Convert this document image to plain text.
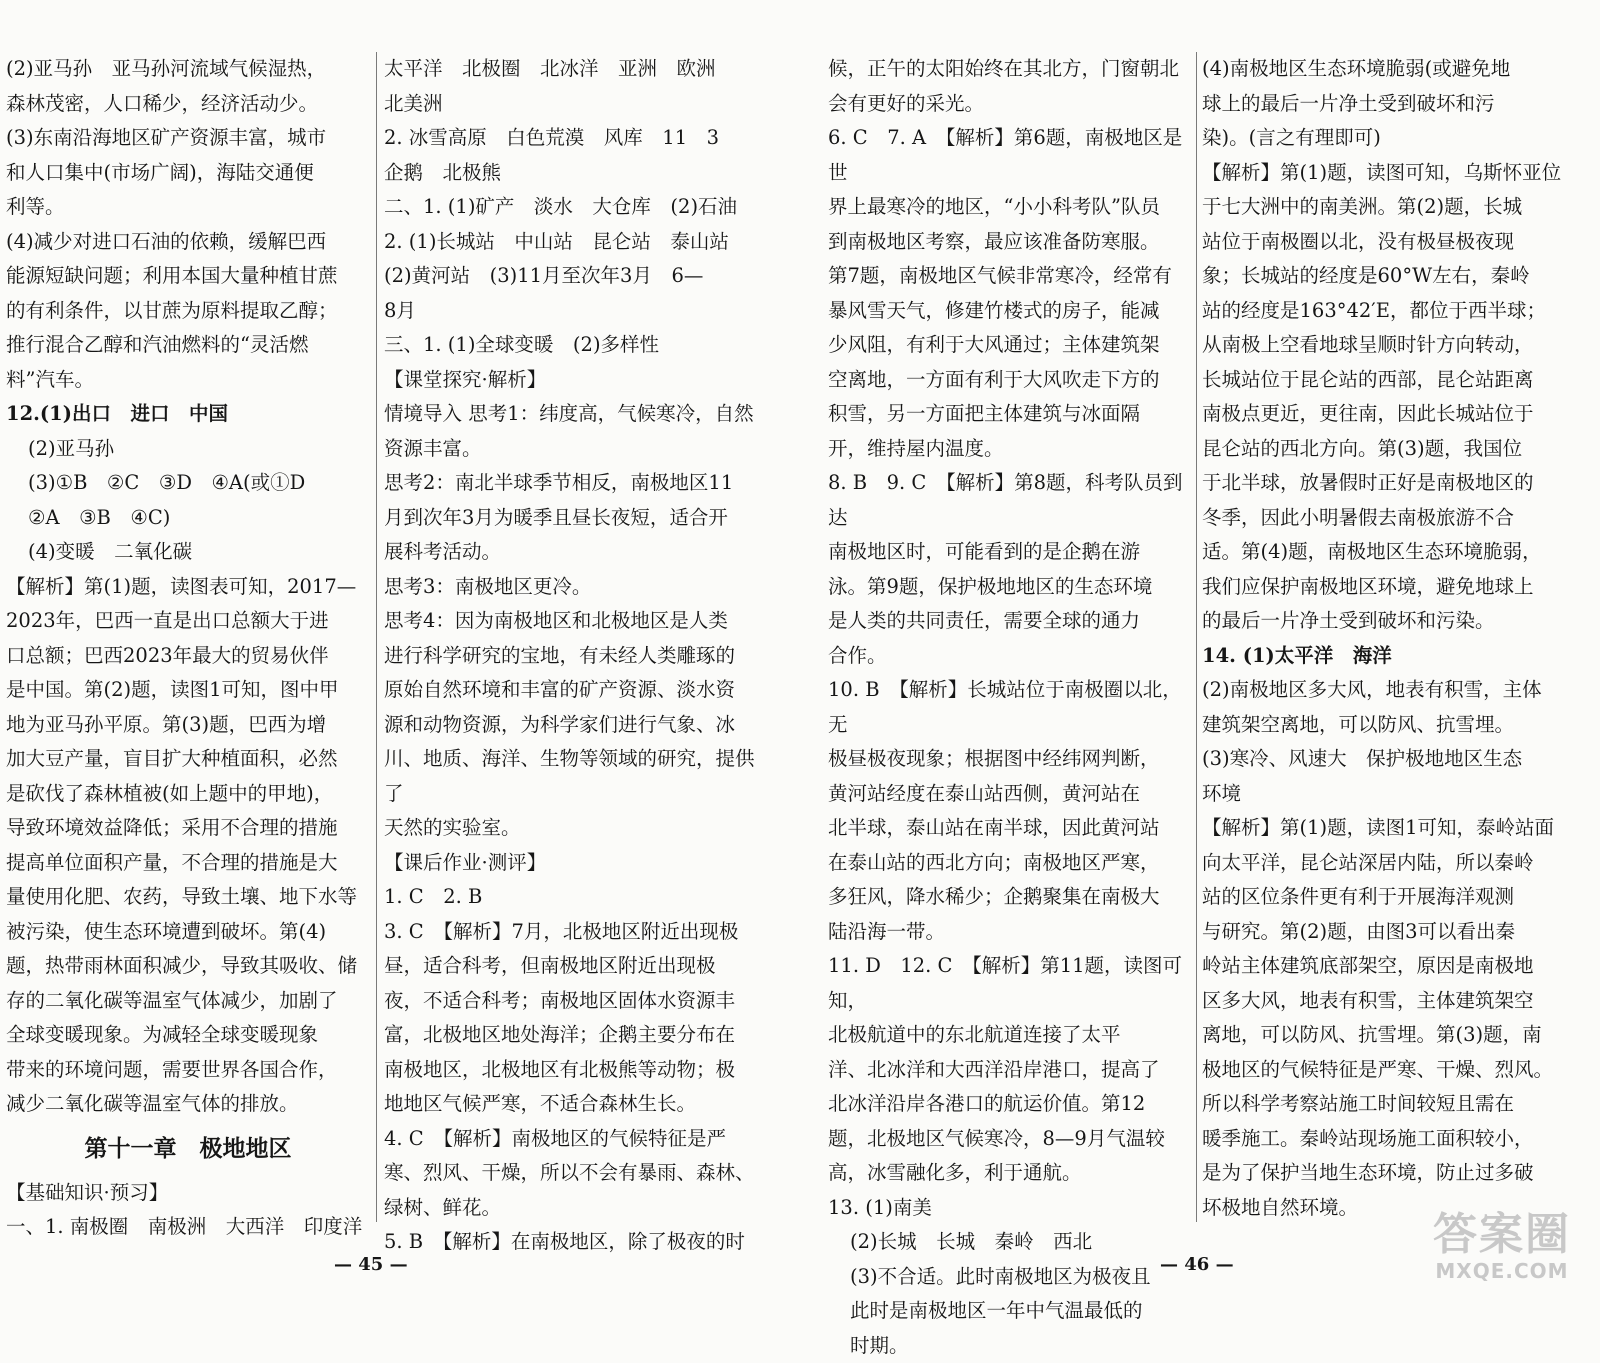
(2)亚马孙　亚马孙河流域气候湿热，

森林茂密，人口稀少，经济活动少。

(3)东南沿海地区矿产资源丰富，城市

和人口集中(市场广阔)，海陆交通便

利等。

(4)减少对进口石油的依赖，缓解巴西

能源短缺问题；利用本国大量种植甘蔗

的有利条件，以甘蔗为原料提取乙醇；

推行混合乙醇和汽油燃料的“灵活燃

料”汽车。

12.(1)出口　进口　中国

(2)亚马孙

(3)①B　②C　③D　④A(或①D

②A　③B　④C)

(4)变暖　二氧化碳

【解析】第(1)题，读图表可知，2017—

2023年，巴西一直是出口总额大于进

口总额；巴西2023年最大的贸易伙伴

是中国。第(2)题，读图1可知，图中甲

地为亚马孙平原。第(3)题，巴西为增

加大豆产量，盲目扩大种植面积，必然

是砍伐了森林植被(如上题中的甲地)，

导致环境效益降低；采用不合理的措施

提高单位面积产量，不合理的措施是大

量使用化肥、农药，导致土壤、地下水等

被污染，使生态环境遭到破坏。第(4)

题，热带雨林面积减少，导致其吸收、储

存的二氧化碳等温室气体减少，加剧了

全球变暖现象。为减轻全球变暖现象

带来的环境问题，需要世界各国合作，

减少二氧化碳等温室气体的排放。

第十一章　极地地区

【基础知识·预习】

一、1. 南极圈　南极洲　大西洋　印度洋

太平洋　北极圈　北冰洋　亚洲　欧洲

北美洲

2. 冰雪高原　白色荒漠　风库　11　3

企鹅　北极熊

二、1. (1)矿产　淡水　大仓库　(2)石油

2. (1)长城站　中山站　昆仑站　泰山站

(2)黄河站　(3)11月至次年3月　6—

8月

三、1. (1)全球变暖　(2)多样性

【课堂探究·解析】

情境导入 思考1：纬度高，气候寒冷，自然

资源丰富。

思考2：南北半球季节相反，南极地区11

月到次年3月为暖季且昼长夜短，适合开

展科考活动。

思考3：南极地区更冷。

思考4：因为南极地区和北极地区是人类

进行科学研究的宝地，有未经人类雕琢的

原始自然环境和丰富的矿产资源、淡水资

源和动物资源，为科学家们进行气象、冰

川、地质、海洋、生物等领域的研究，提供了

天然的实验室。

【课后作业·测评】

1. C　2. B

3. C　【解析】7月，北极地区附近出现极

昼，适合科考，但南极地区附近出现极

夜，不适合科考；南极地区固体水资源丰

富，北极地区地处海洋；企鹅主要分布在

南极地区，北极地区有北极熊等动物；极

地地区气候严寒，不适合森林生长。

4. C　【解析】南极地区的气候特征是严

寒、烈风、干燥，所以不会有暴雨、森林、

绿树、鲜花。

5. B　【解析】在南极地区，除了极夜的时

— 45 —

候，正午的太阳始终在其北方，门窗朝北

会有更好的采光。

6. C　7. A　【解析】第6题，南极地区是世

界上最寒冷的地区，“小小科考队”队员

到南极地区考察，最应该准备防寒服。

第7题，南极地区气候非常寒冷，经常有

暴风雪天气，修建竹楼式的房子，能减

少风阻，有利于大风通过；主体建筑架

空离地，一方面有利于大风吹走下方的

积雪，另一方面把主体建筑与冰面隔

开，维持屋内温度。

8. B　9. C　【解析】第8题，科考队员到达

南极地区时，可能看到的是企鹅在游

泳。第9题，保护极地地区的生态环境

是人类的共同责任，需要全球的通力

合作。

10. B　【解析】长城站位于南极圈以北，无

极昼极夜现象；根据图中经纬网判断，

黄河站经度在泰山站西侧，黄河站在

北半球，泰山站在南半球，因此黄河站

在泰山站的西北方向；南极地区严寒，

多狂风，降水稀少；企鹅聚集在南极大

陆沿海一带。

11. D　12. C　【解析】第11题，读图可知，

北极航道中的东北航道连接了太平

洋、北冰洋和大西洋沿岸港口，提高了

北冰洋沿岸各港口的航运价值。第12

题，北极地区气候寒冷，8—9月气温较

高，冰雪融化多，利于通航。

13. (1)南美

(2)长城　长城　秦岭　西北

(3)不合适。此时南极地区为极夜且

此时是南极地区一年中气温最低的

时期。

(4)南极地区生态环境脆弱(或避免地

球上的最后一片净土受到破坏和污

染)。(言之有理即可)

【解析】第(1)题，读图可知，乌斯怀亚位

于七大洲中的南美洲。第(2)题，长城

站位于南极圈以北，没有极昼极夜现

象；长城站的经度是60°W左右，秦岭

站的经度是163°42′E，都位于西半球；

从南极上空看地球呈顺时针方向转动，

长城站位于昆仑站的西部，昆仑站距离

南极点更近，更往南，因此长城站位于

昆仑站的西北方向。第(3)题，我国位

于北半球，放暑假时正好是南极地区的

冬季，因此小明暑假去南极旅游不合

适。第(4)题，南极地区生态环境脆弱，

我们应保护南极地区环境，避免地球上

的最后一片净土受到破坏和污染。

14. (1)太平洋　海洋

(2)南极地区多大风，地表有积雪，主体

建筑架空离地，可以防风、抗雪埋。

(3)寒冷、风速大　保护极地地区生态

环境

【解析】第(1)题，读图1可知，泰岭站面

向太平洋，昆仑站深居内陆，所以秦岭

站的区位条件更有利于开展海洋观测

与研究。第(2)题，由图3可以看出秦

岭站主体建筑底部架空，原因是南极地

区多大风，地表有积雪，主体建筑架空

离地，可以防风、抗雪埋。第(3)题，南

极地区的气候特征是严寒、干燥、烈风。

所以科学考察站施工时间较短且需在

暖季施工。秦岭站现场施工面积较小，

是为了保护当地生态环境，防止过多破

坏极地自然环境。

— 46 —
答案圈
MXQE.COM
